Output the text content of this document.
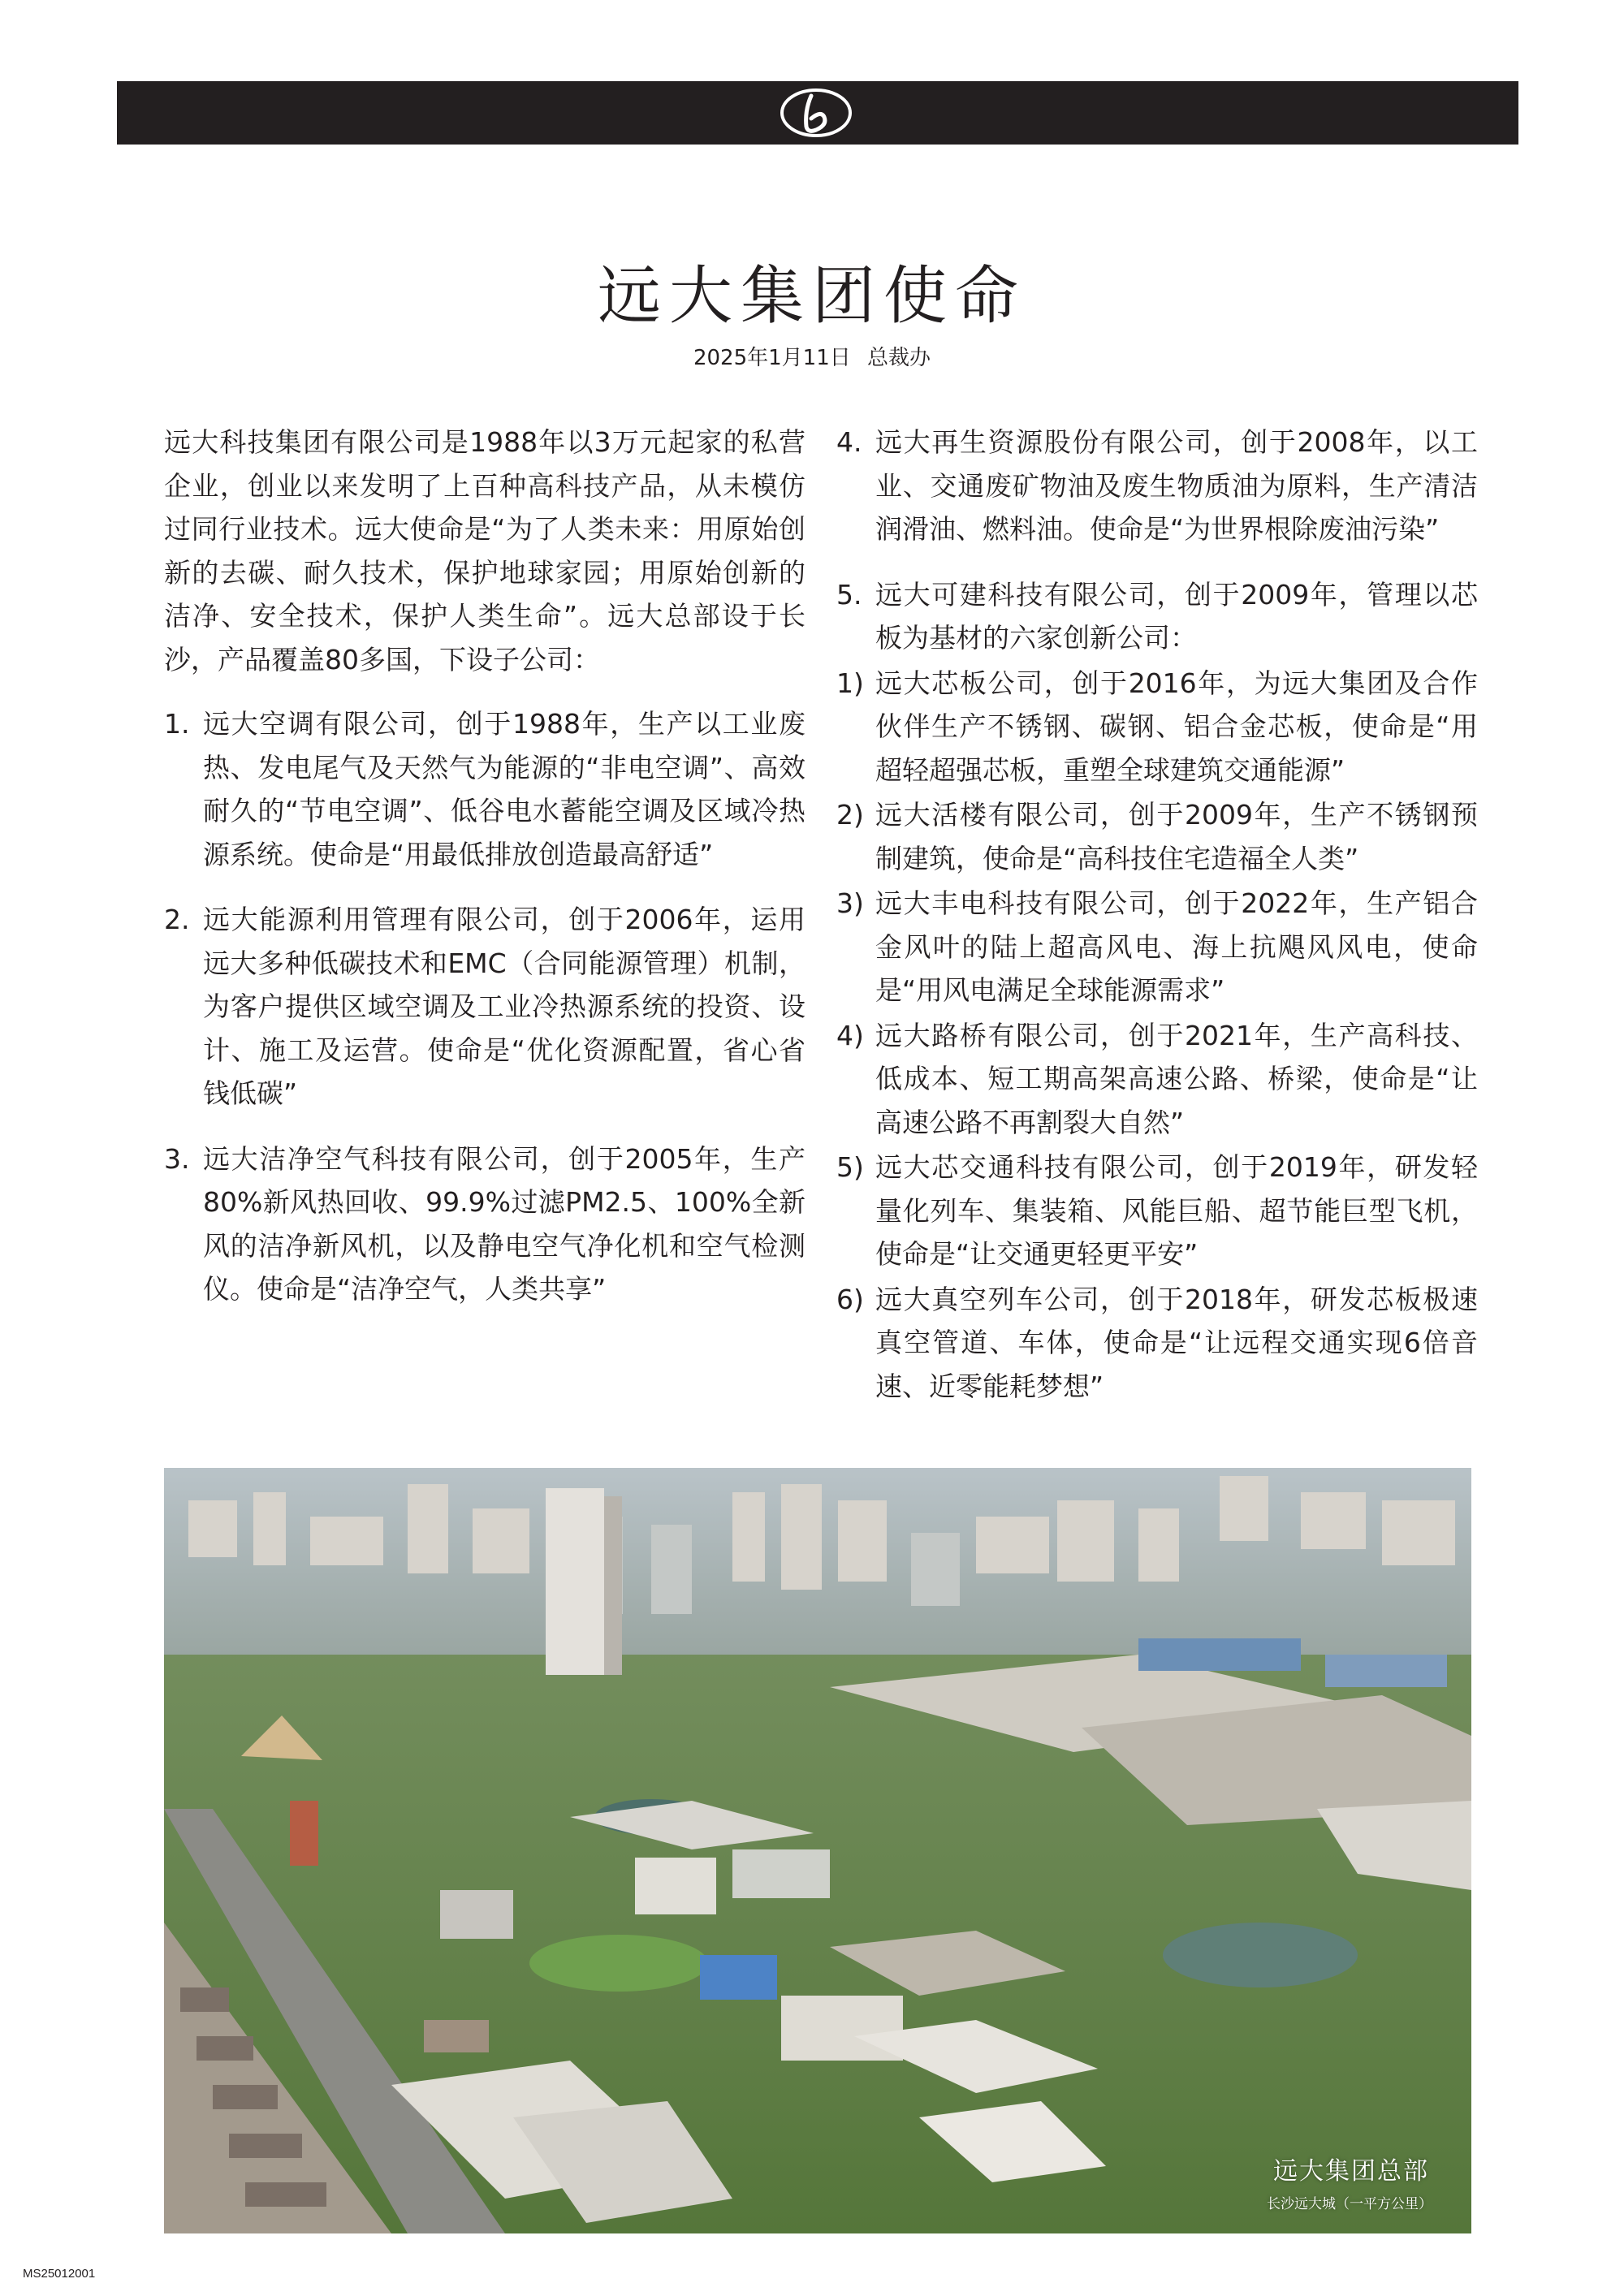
远大集团使命
2025年1月11日 总裁办

远大科技集团有限公司是1988年以3万元起家的私营企业，创业以来发明了上百种高科技产品，从未模仿过同行业技术。远大使命是“为了人类未来：用原始创新的去碳、耐久技术，保护地球家园；用原始创新的洁净、安全技术，保护人类生命”。远大总部设于长沙，产品覆盖80多国，下设子公司：

1. 远大空调有限公司，创于1988年，生产以工业废热、发电尾气及天然气为能源的“非电空调”、高效耐久的“节电空调”、低谷电水蓄能空调及区域冷热源系统。使命是“用最低排放创造最高舒适”
2. 远大能源利用管理有限公司，创于2006年，运用远大多种低碳技术和EMC（合同能源管理）机制，为客户提供区域空调及工业冷热源系统的投资、设计、施工及运营。使命是“优化资源配置，省心省钱低碳”
3. 远大洁净空气科技有限公司，创于2005年，生产80%新风热回收、99.9%过滤PM2.5、100%全新风的洁净新风机，以及静电空气净化机和空气检测仪。使命是“洁净空气，人类共享”
4. 远大再生资源股份有限公司，创于2008年，以工业、交通废矿物油及废生物质油为原料，生产清洁润滑油、燃料油。使命是“为世界根除废油污染”
5. 远大可建科技有限公司，创于2009年，管理以芯板为基材的六家创新公司：
1) 远大芯板公司，创于2016年，为远大集团及合作伙伴生产不锈钢、碳钢、铝合金芯板，使命是“用超轻超强芯板，重塑全球建筑交通能源”
2) 远大活楼有限公司，创于2009年，生产不锈钢预制建筑，使命是“高科技住宅造福全人类”
3) 远大丰电科技有限公司，创于2022年，生产铝合金风叶的陆上超高风电、海上抗飓风风电，使命是“用风电满足全球能源需求”
4) 远大路桥有限公司，创于2021年，生产高科技、低成本、短工期高架高速公路、桥梁，使命是“让高速公路不再割裂大自然”
5) 远大芯交通科技有限公司，创于2019年，研发轻量化列车、集装箱、风能巨船、超节能巨型飞机，使命是“让交通更轻更平安”
6) 远大真空列车公司，创于2018年，研发芯板极速真空管道、车体，使命是“让远程交通实现6倍音速、近零能耗梦想”
远大集团总部
长沙远大城（一平方公里）
MS25012001
